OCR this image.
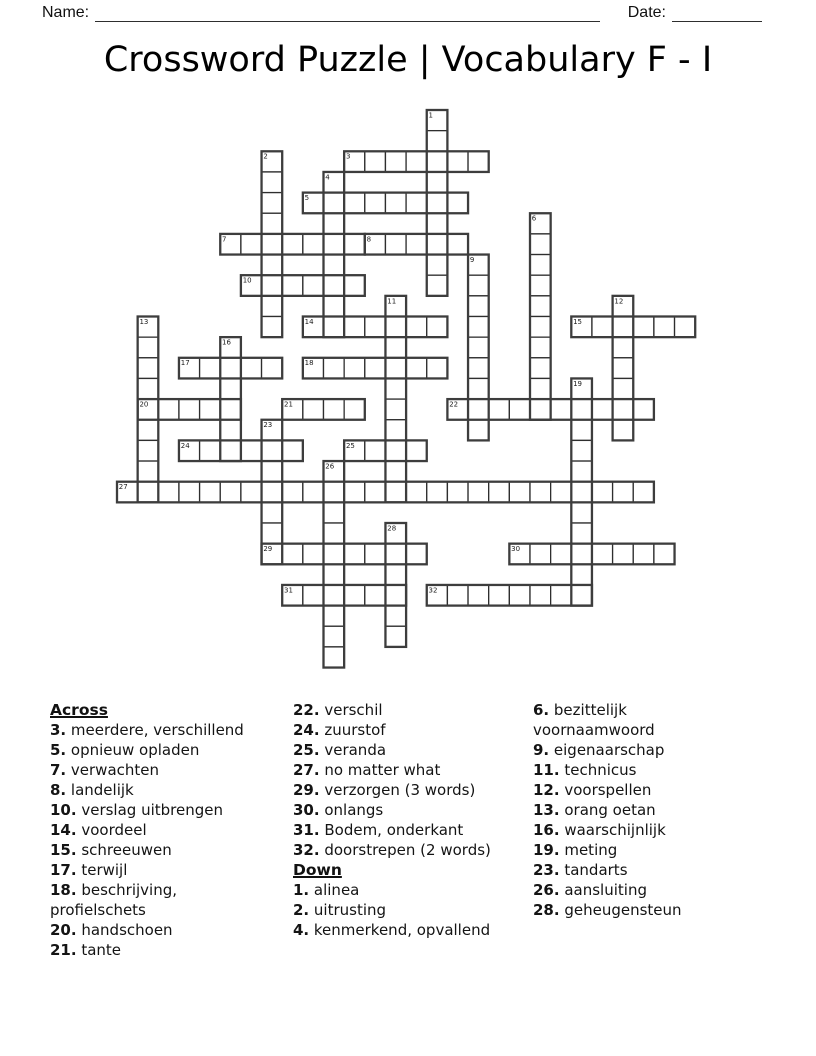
Name:	Date:
Crossword Puzzle | Vocabulary F - I
3
5
7	8
10
14	15
17	18
20	21	22
24	25
27
29	30
31	32
1
2
4
6
9
11	12
13
16
19
23
26
28
Across
3. meerdere, verschillend
5. opnieuw opladen
7. verwachten
8. landelijk
10. verslag uitbrengen
14. voordeel
15. schreeuwen
17. terwijl
18. beschrijving, profielschets
20. handschoen
21. tante
22. verschil
24. zuurstof
25. veranda
27. no matter what
29. verzorgen (3 words)
30. onlangs
31. Bodem, onderkant
32. doorstrepen (2 words)
Down
1. alinea
2. uitrusting
4. kenmerkend, opvallend
6. bezittelijk voornaamwoord
9. eigenaarschap
11. technicus
12. voorspellen
13. orang oetan
16. waarschijnlijk
19. meting
23. tandarts
26. aansluiting
28. geheugensteun
